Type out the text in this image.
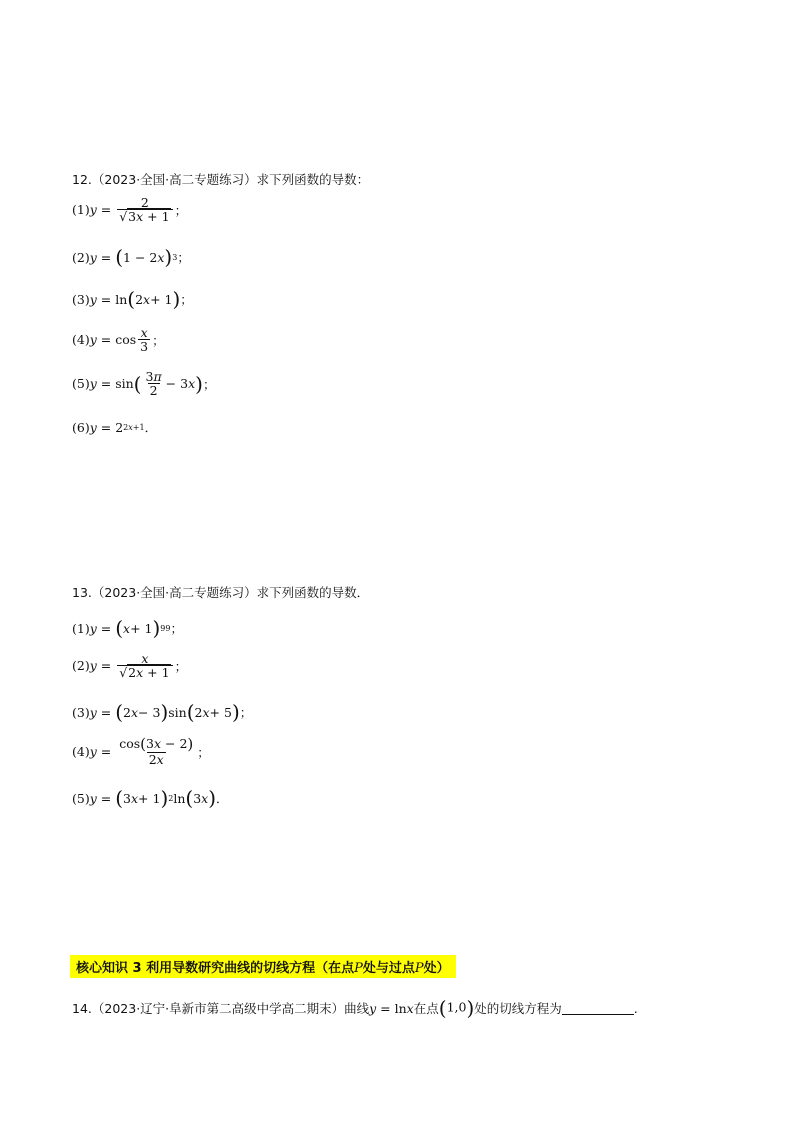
12.（2023·全国·高二专题练习）求下列函数的导数：
(1) $y = \frac{2}{√3x + 1}$ ；
(2) y = ( 1 − 2 x ) 3 ；
(3) y = ln ( 2 x + 1 ) ；
(4) $y = \cos \frac{x}{3}$ ；
(5) y = sin ( $\frac{3\pi}{2} - 3$ x ) ；
(6) y = 2 2x+1 ．
13.（2023·全国·高二专题练习）求下列函数的导数．
(1) y = ( x + 1 ) 99 ；
(2) $y = \frac{x}{√2x + 1}$ ；
(3) y = ( 2 x − 3 ) sin ( 2 x + 5 ) ；
(4) $y = \frac{\cos(3x - 2)}{2x}$ ；
(5) y = ( 3 x + 1 ) 2 ln ( 3 x ) ．
核心知识 3 利用导数研究曲线的切线方程（在点P处与过点P处）
14.（2023·辽宁·阜新市第二高级中学高二期末）曲线 y = lnx 在点 (1,0) 处的切线方程为	.
